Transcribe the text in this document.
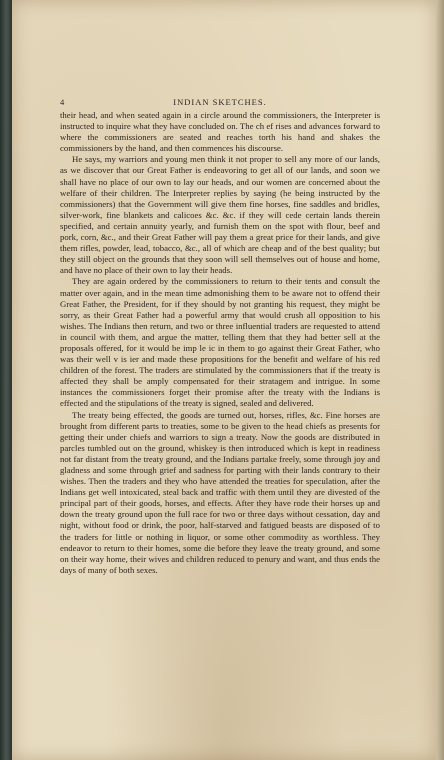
4	INDIAN SKETCHES.

their head, and when seated again in a circle around the commissioners, the Interpreter is instructed to inquire what they have concluded on. The ch ef rises and advances forward to where the commissioners are seated and reaches torth his hand and shakes the commissioners by the hand, and then commences his discourse.

He says, my warriors and young men think it not proper to sell any more of our lands, as we discover that our Great Father is endeavoring to get all of our lands, and soon we shall have no place of our own to lay our heads, and our women are concerned about the welfare of their children. The Interpreter replies by saying (he being instructed by the commissioners) that the Government will give them fine horses, fine saddles and bridles, silver-work, fine blankets and calicoes &c. &c. if they will cede certain lands therein specified, and certain annuity yearly, and furnish them on the spot with flour, beef and pork, corn, &c., and their Great Father will pay them a great price for their lands, and give them rifles, powder, lead, tobacco, &c., all of which are cheap and of the best quality; but they still object on the grounds that they soon will sell themselves out of house and home, and have no place of their own to lay their heads.

They are again ordered by the commissioners to return to their tents and consult the matter over again, and in the mean time admonishing them to be aware not to offend their Great Father, the President, for if they should by not granting his request, they might be sorry, as their Great Father had a powerful army that would crush all opposition to his wishes. The Indians then return, and two or three influential traders are requested to attend in council with them, and argue the matter, telling them that they had better sell at the proposals offered, for it would be imp le ic in them to go against their Great Father, who was their well v is ier and made these propositions for the benefit and welfare of his red children of the forest. The traders are stimulated by the commissioners that if the treaty is affected they shall be amply compensated for their stratagem and intrigue. In some instances the commissioners forget their promise after the treaty with the Indians is effected and the stipulations of the treaty is signed, sealed and delivered.

The treaty being effected, the goods are turned out, horses, rifles, &c. Fine horses are brought from different parts to treaties, some to be given to the head chiefs as presents for getting their under chiefs and warriors to sign a treaty. Now the goods are distributed in parcles tumbled out on the ground, whiskey is then introduced which is kept in readiness not far distant from the treaty ground, and the Indians partake freely, some through joy and gladness and some through grief and sadness for parting with their lands contrary to their wishes. Then the traders and they who have attended the treaties for speculation, after the Indians get well intoxicated, steal back and traffic with them until they are divested of the principal part of their goods, horses, and effects. After they have rode their horses up and down the treaty ground upon the full race for two or three days without cessation, day and night, without food or drink, the poor, half-starved and fatigued beasts are disposed of to the traders for little or nothing in liquor, or some other commodity as worthless. They endeavor to return to their homes, some die before they leave the treaty ground, and some on their way home, their wives and children reduced to penury and want, and thus ends the days of many of both sexes.
